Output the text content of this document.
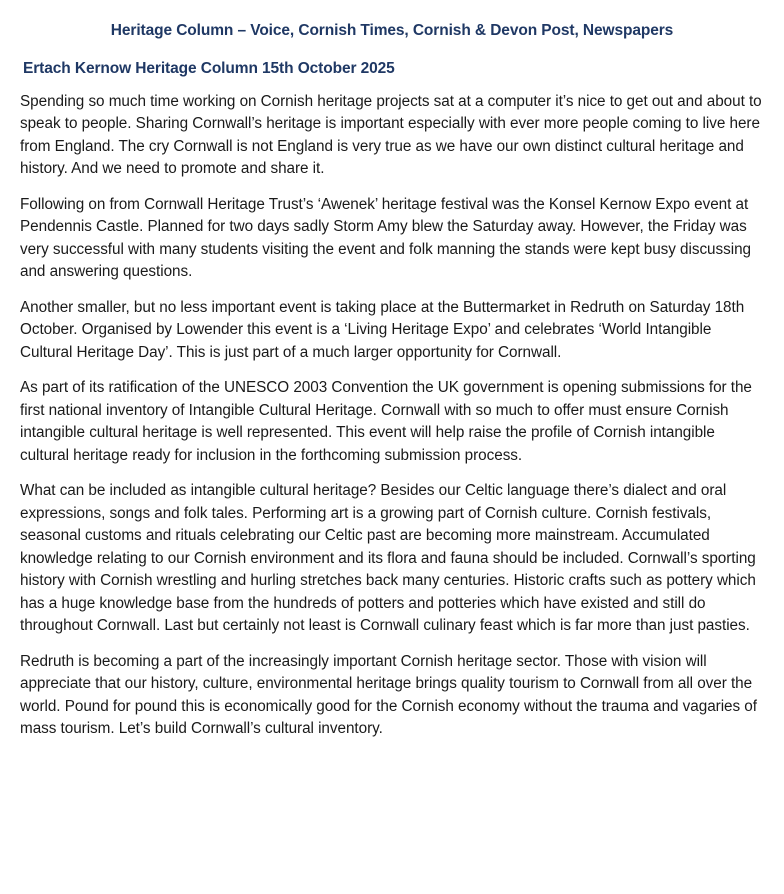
Heritage Column – Voice, Cornish Times, Cornish & Devon Post, Newspapers
Ertach Kernow Heritage Column 15th October 2025

Spending so much time working on Cornish heritage projects sat at a computer it’s nice to get out and about to speak to people. Sharing Cornwall’s heritage is important especially with ever more people coming to live here from England. The cry Cornwall is not England is very true as we have our own distinct cultural heritage and history. And we need to promote and share it.

Following on from Cornwall Heritage Trust’s ‘Awenek’ heritage festival was the Konsel Kernow Expo event at Pendennis Castle. Planned for two days sadly Storm Amy blew the Saturday away. However, the Friday was very successful with many students visiting the event and folk manning the stands were kept busy discussing and answering questions.

Another smaller, but no less important event is taking place at the Buttermarket in Redruth on Saturday 18th October. Organised by Lowender this event is a ‘Living Heritage Expo’ and celebrates ‘World Intangible Cultural Heritage Day’. This is just part of a much larger opportunity for Cornwall.

As part of its ratification of the UNESCO 2003 Convention the UK government is opening submissions for the first national inventory of Intangible Cultural Heritage. Cornwall with so much to offer must ensure Cornish intangible cultural heritage is well represented. This event will help raise the profile of Cornish intangible cultural heritage ready for inclusion in the forthcoming submission process.

What can be included as intangible cultural heritage? Besides our Celtic language there’s dialect and oral expressions, songs and folk tales. Performing art is a growing part of Cornish culture. Cornish festivals, seasonal customs and rituals celebrating our Celtic past are becoming more mainstream. Accumulated knowledge relating to our Cornish environment and its flora and fauna should be included. Cornwall’s sporting history with Cornish wrestling and hurling stretches back many centuries. Historic crafts such as pottery which has a huge knowledge base from the hundreds of potters and potteries which have existed and still do throughout Cornwall. Last but certainly not least is Cornwall culinary feast which is far more than just pasties.

Redruth is becoming a part of the increasingly important Cornish heritage sector. Those with vision will appreciate that our history, culture, environmental heritage brings quality tourism to Cornwall from all over the world. Pound for pound this is economically good for the Cornish economy without the trauma and vagaries of mass tourism. Let’s build Cornwall’s cultural inventory.
